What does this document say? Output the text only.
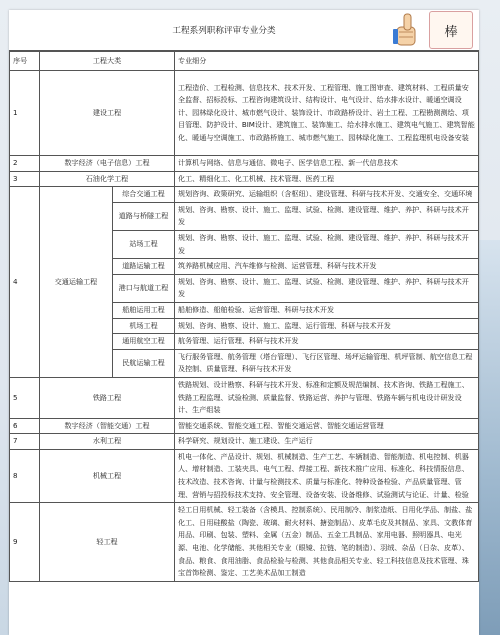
工程系列职称评审专业分类	棒
序号	工程大类		专业细分
1	建设工程		工程造价、工程检测、信息技术、技术开发、工程管理、施工图审查、建筑材料、工程质量安全监督、招标投标、工程咨询建筑设计、结构设计、电气设计、给水排水设计、暖通空调设计、园林绿化设计、城市燃气设计、装饰设计、市政路桥设计、岩土工程、工程勘测测绘、项目管理、防护设计、BIM设计、建筑施工、装饰施工、给水排水施工、建筑电气施工、建筑智能化、暖通与空调施工、市政路桥施工、城市燃气施工、园林绿化施工、工程监理机电设备安装
2	数字经济（电子信息）工程		计算机与网络、信息与通信、微电子、医学信息工程、新一代信息技术
3	石油化学工程		化工、精细化工、化工机械、技术管理、医药工程
4	交通运输工程	综合交通工程	规划咨询、政策研究、运输组织（含枢纽）、建设管理、科研与技术开发、交通安全、交通环境
		道路与桥隧工程	规划、咨询、勘察、设计、施工、监理、试验、检测、建设管理、维护、养护、科研与技术开发
		站场工程	规划、咨询、勘察、设计、施工、监理、试验、检测、建设管理、维护、养护、科研与技术开发
		道路运输工程	筑养路机械应用、汽车维修与检测、运营管理、科研与技术开发
		港口与航道工程	规划、咨询、勘察、设计、施工、监理、试验、检测、建设管理、维护、养护、科研与技术开发
		船舶运用工程	船舶修造、船舶检验、运营管理、科研与技术开发
		机场工程	规划、咨询、勘察、设计、施工、监理、运行管理、科研与技术开发
		通用航空工程	航务管理、运行管理、科研与技术开发
		民航运输工程	飞行服务管理、航务管理（塔台管理）、飞行区管理、场坪运输管理、机坪管制、航空信息工程及控制、质量管理、科研与技术开发
5	铁路工程		铁路规划、设计勘察、科研与技术开发、标准和定额及规范编制、技术咨询、铁路工程施工、铁路工程监理、试验检测、质量监督、铁路运营、养护与管理、铁路车辆与机电设计研发设计、生产组装
6	数字经济（智能交通）工程		智能交通系统、智能交通工程、智能交通运营、智能交通运营管理
7	水利工程		科学研究、规划设计、施工建设、生产运行
8	机械工程		机电一体化、产品设计、规划、机械制造、生产工艺、车辆制造、智能制造、机电控制、机器人、增材制造、工装夹具、电气工程、焊接工程、新技术推广应用、标准化、科技情报信息、技术改造、技术咨询、计量与检测技术、质量与标准化、特种设备检验、产品质量管理、管理、营销与招投标技术支持、安全管理、设备安装、设备维修、试验测试与论证、计量、检验
9	轻工程		轻工日用机械、轻工装备（含模具、控制系统）、民用制冷、制浆造纸、日用化学品、制盐、盐化工、日用硅酸盐（陶瓷、玻璃、耐火材料、搪瓷制品）、皮革毛皮及其制品、家具、文教体育用品、印刷、包装、塑料、金属（五金）制品、五金工具制品、家用电器、照明器具、电光源、电池、化学储能、其他相关专业（眼镜、拉链、笔的制造）、羽绒、杂品（日杂、皮革）、食品、粮食、食用油脂、食品检验与检测、其他食品相关专业、轻工科技信息及技术管理、珠宝首饰检测、鉴定、工艺美术品加工制造
